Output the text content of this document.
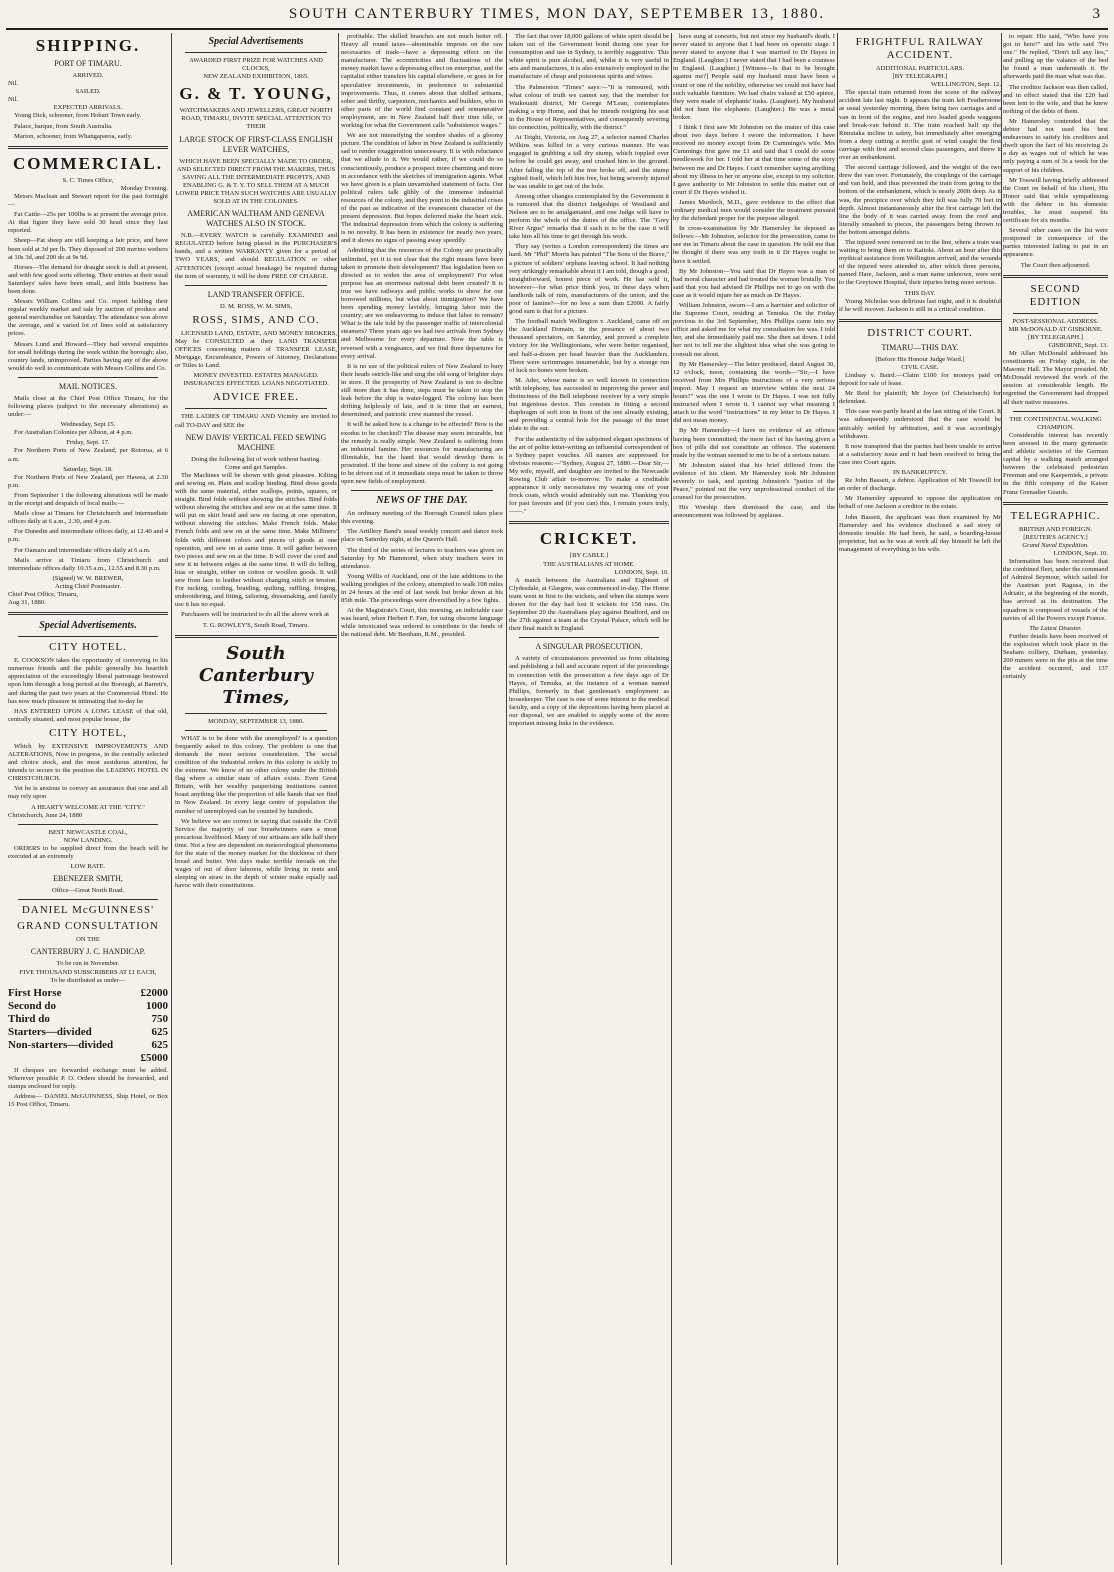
SOUTH CANTERBURY TIMES, MON DAY, SEPTEMBER 13, 1880.	3
SHIPPING.
PORT OF TIMARU.
ARRIVED.
Nil.
SAILED.
Nil.
EXPECTED ARRIVALS.

Young Dick, schooner, from Hobart Town early.

Palace, barque, from South Australia.

Marion, schooner, from Whangaparoa, early.

COMMERCIAL.
S. C. Times Office,
Monday Evening.

Messrs Maclean and Stewart report for the past fortnight—

Fat Cattle—25s per 100lbs is at present the average price. At that figure they have sold 30 head since they last reported.

Sheep—Fat sheep are still keeping a fair price, and have been sold at 3d per lb. They disposed of 200 merino wethers at 10s 3d, and 200 do at 9s 9d.

Horses—The demand for draught stock is dull at present, and with few good sorts offering. Their entries at their usual Saturdays' sales have been small, and little business has been done.

Messrs William Collins and Co. report holding their regular weekly market and sale by auction of produce and general merchandise on Saturday. The attendance was above the average, and a varied lot of lines sold at satisfactory prices.

Messrs Lund and Howard—They had several enquiries for small holdings during the week within the borough; also, country lands, unimproved. Parties having any of the above would do well to communicate with Messrs Collins and Co.

MAIL NOTICES.

Mails close at the Chief Post Office Timaru, for the following places (subject to the necessary alterations) as under:—

Wednesday, Sept 15.

For Australian Colonies per Albion, at 4 p.m.

Friday, Sept. 17.

For Northern Ports of New Zealand, per Rotorua, at 6 a.m.

Saturday, Sept. 18.

For Northern Ports of New Zealand, per Hawea, at 2.30 p.m.

From September 1 the following alterations will be made in the receipt and despatch of local mails:—

Mails close at Timaru for Christchurch and intermediate offices daily at 6 a.m., 2.30, and 4 p.m.

For Dunedin and intermediate offices daily, at 12.40 and 4 p.m.

For Oamaru and intermediate offices daily at 6 a.m.

Mails arrive at Timaru from Christchurch and intermediate offices daily 10.35 a.m., 12.55 and 8.30 p.m.

(Signed) W. W. BREWER,
Acting Chief Postmaster.
Chief Post Office, Timaru,
Aug 31, 1880.
Special Advertisements.
CITY HOTEL.

E. COOKSON takes the opportunity of conveying to his numerous friends and the public generally his heartfelt appreciation of the exceedingly liberal patronage bestowed upon him through a long period at the Borough, at Barrett's, and during the past two years at the Commercial Hotel. He has now much pleasure in intimating that to-day he

HAS ENTERED UPON A LONG LEASE of that old, centrally situated, and most popular house, the

CITY HOTEL,

Which by EXTENSIVE IMPROVEMENTS AND ALTERATIONS, Now in progress, in the centrally selected and choice stock, and the most assiduous attention, he intends to secure to the position the LEADING HOTEL IN CHRISTCHURCH.

Yet he is anxious to convey an assurance that one and all may rely upon

A HEARTY WELCOME AT THE "CITY."
Christchurch, June 24, 1880
BEST NEWCASTLE COAL,
NOW LANDING.

ORDERS to be supplied direct from the beach will be executed at an extremely

LOW RATE.
EBENEZER SMITH,
Office—Great North Road.
DANIEL McGUINNESS'
GRAND CONSULTATION
ON THE
CANTERBURY J. C. HANDICAP.
To be run in November.
FIVE THOUSAND SUBSCRIBERS AT £1 EACH,
To be distributed as under—
First Horse	£2000
Second do	1000
Third do	750
Starters—divided	625
Non-starters—divided	625
£5000

If cheques are forwarded exchange must be added. Wherever possible P. O. Orders should be forwarded, and stamps enclosed for reply.

Address— DANIEL McGUINNESS, Ship Hotel, or Box 15 Post Office, Timaru.

Special Advertisements
AWARDED FIRST PRIZE FOR WATCHES AND CLOCKS,
NEW ZEALAND EXHIBITION, 1865.
G. & T. YOUNG,
WATCHMAKERS AND JEWELLERS, GREAT NORTH ROAD, TIMARU, INVITE SPECIAL ATTENTION TO THEIR
LARGE STOCK OF FIRST-CLASS ENGLISH LEVER WATCHES,
WHICH HAVE BEEN SPECIALLY MADE TO ORDER, AND SELECTED DIRECT FROM THE MAKERS, THUS SAVING ALL THE INTERMEDIATE PROFITS, AND ENABLING G. & T. Y. TO SELL THEM AT A MUCH LOWER PRICE THAN SUCH WATCHES ARE USUALLY SOLD AT IN THE COLONIES.
AMERICAN WALTHAM AND GENEVA WATCHES ALSO IN STOCK.

N.B.—EVERY WATCH is carefully EXAMINED and REGULATED before being placed in the PURCHASER'S hands, and a written WARRANTY given for a period of TWO YEARS, and should REGULATION or other ATTENTION (except actual breakage) be required during the term of warranty, it will be done FREE OF CHARGE.

LAND TRANSFER OFFICE.
D. M. ROSS, W. M. SIMS,
ROSS, SIMS, AND CO.

LICENSED LAND, ESTATE, AND MONEY BROKERS, May be CONSULTED at their LAND TRANSFER OFFICES concerning matters of TRANSFER LEASE, Mortgage, Encumbrance, Powers of Attorney, Declarations or Titles to Land.

MONEY INVESTED. ESTATES MANAGED. INSURANCES EFFECTED. LOANS NEGOTIATED.
ADVICE FREE.

THE LADIES OF TIMARU AND Vicinity are invited to call TO-DAY and SEE the

NEW DAVIS' VERTICAL FEED SEWING MACHINE
Doing the following list of work without basting.
Come and get Samples.

The Machines will be shown with great pleasure. Kilting and sewing on. Plain and scallop binding. Bind dress goods with the same material, either scallops, points, squares, or straight. Bind folds without showing the stitches. Bind folds without showing the stitches and sew on at the same time. It will put on skirt braid and sew on facing at one operation, without showing the stitches. Make French folds. Make French folds and sew on at the same time. Make Milliners' folds with different colors and pieces of goods at one operation, and sew on at same time. It will gather between two pieces and sew on at the time. It will cover the cord and sew it in between edges at the same time. It will do felling, bias or straight, either on cotton or woollen goods. It will sew from lace to leather without changing stitch or tension. For tucking, cording, braiding, quilting, ruffling, fringing, embroidering, and fitting, tailoring, dressmaking, and family use it has no equal.

Purchasers will be instructed to do all the above work at

T. G. ROWLEY'S, South Road, Timaru.
South Canterbury Times,
MONDAY, SEPTEMBER 13, 1880.

WHAT is to be done with the unemployed? is a question frequently asked in this colony. The problem is one that demands the most serious consideration. The social condition of the industrial orders in this colony is sickly in the extreme. We know of no other colony under the British flag where a similar state of affairs exists. Even Great Britain, with her wealthy pauperising institutions cannot boast anything like the proportion of idle hands that we find in New Zealand. In every large centre of population the number of unemployed can be counted by hundreds.

We believe we are correct in saying that outside the Civil Service the majority of our breadwinners earn a most precarious livelihood. Many of our artisans are idle half their time. Not a few are dependent on meteorological phenomena for the state of the money market for the thickness of their bread and butter. Wet days make terrible inroads on the wages of out of door laborers, while living in tents and sleeping on straw in the depth of winter make equally sad havoc with their constitutions.

profitable. The skilled branches are not much better off. Heavy all round taxes—abominable imposts on the raw necessaries of trade—have a depressing effect on the manufacturer. The eccentricities and fluctuations of the money market have a depressing effect on enterprise, and the capitalist either transfers his capital elsewhere, or goes in for speculative investments, in preference to substantial improvements. Thus, it comes about that skilled artisans, sober and thrifty, carpenters, mechanics and builders, who in other parts of the world find constant and remunerative employment, are in New Zealand half their time idle, or working for what the Government calls "subsistence wages."

We are not intensifying the sombre shades of a gloomy picture. The condition of labor in New Zealand is sufficiently sad to render exaggeration unnecessary. It is with reluctance that we allude to it. We would rather, if we could do so conscientiously, produce a prospect more charming and more in accordance with the sketches of immigration agents. What we have given is a plain unvarnished statement of facts. Our political rulers talk glibly of the immense industrial resources of the colony, and they point to the industrial crises of the past as indicative of the evanescent character of the present depression. But bopes deferred make the heart sick. The industrial depression from which the colony is suffering is no novelty. It has been in existence for nearly two years, and it shows no signs of passing away speedily.

Admitting that the resources of the Colony are practically unlimited, yet it is not clear that the right means have been taken to promote their development? Has legislation been so directed as to widen the area of employment? For what purpose has an enormous national debt been created? It is true we have railways and public works to show for our borrowed millions, but what about immigration? We have been spending money lavishly, bringing labor into the country; are we endeavoring to induce that labor to remain? What is the tale told by the passenger traffic of intercolonial steamers? Three years ago we had two arrivals from Sydney and Melbourne for every departure. Now the table is reversed with a vengeance, and we find three departures for every arrival.

It is no use of the political rulers of New Zealand to bury their heads ostrich-like and sing the old song of brighter days in store. If the prosperity of New Zealand is not to decline still more than it has done, steps must be taken to stop the leak before the ship is water-logged. The colony has been drifting helplessly of late, and it is time that an earnest, determined, and patriotic crew manned the vessel.

It will be asked how is a change to be effected? How is the exodus to be checked? The disease may seem incurable, but the remedy is really simple. New Zealand is suffering from an industrial famine. Her resources for manufacturing are illimitable, but the hand that would develop them is prostrated. If the bone and sinew of the colony is not going to be driven out of it immediate steps must be taken to throw open new fields of employment.

NEWS OF THE DAY.

An ordinary meeting of the Borough Council takes place this evening.

The Artillery Band's usual weekly concert and dance took place on Saturday night, at the Queen's Hall.

The third of the series of lectures to teachers was given on Saturday by Mr Hammond, when sixty teachers were in attendance.

Young Willis of Auckland, one of the late additions to the walking prodigies of the colony, attempted to walk 108 miles in 24 hours at the end of last week but broke down at his 85th mile. The proceedings were diversified by a few fights.

At the Magistrate's Court, this morning, an indictable case was heard, when Herbert F. Farr, for using obscene language while intoxicated was ordered to contribute to the funds of the national debt. Mr Beetham, R.M., presided.

The fact that over 18,000 gallons of white spirit should be taken out of the Government bond during one year for consumption and use in Sydney, is terribly suggestive. This white spirit is pure alcohol, and, whilst it is very useful in arts and manufactures, it is also extensively employed in the manufacture of cheap and poisonous spirits and wines.

The Palmerston "Times" says:—"It is rumoured, with what colour of truth we cannot say, that the member for Waikouaiti district, Mr George M'Lean, contemplates making a trip Home, and that he intends resigning his seat in the House of Representatives, and consequently severing his connection, politically, with the district."

At Teight, Victoria, on Aug 27, a selector named Charles Wilkins was killed in a very curious manner. He was engaged in grubbing a tall dry stump, which toppled over before he could get away, and crushed him to the ground. After falling the top of the tree broke off, and the stump righted itself, which left him free, but being severely injured he was unable to get out of the hole.

Among other changes contemplated by the Government it is rumored that the district Judgeships of Westland and Nelson are to be amalgamated, and one Judge will have to perform the whole of the duties of the office. The "Grey River Argus" remarks that if such is to be the case it will take him all his time to get through his work.

They say (writes a London correspondent) the times are hard. Mr "Phil" Morris has painted "The Sons of the Brave," a picture of soldiers' orphans leaving school. It had nothing very strikingly remarkable about it I am told, though a good, straightforward, honest piece of work. He has sold it, however—for what price think you, in these days when landlords talk of ruin, manufacturers of the union, and the poor of famine?—for no less a sum than £2000. A fairly good sum is that for a picture.

The football match Wellington v. Auckland, came off on the Auckland Domain, in the presence of about two thousand spectators, on Saturday, and proved a complete victory for the Wellingtonians, who were better organised, and half-a-dozen per head heavier than the Aucklanders. There were scrimmages innumerable, but by a strange run of luck no bones were broken.

M. Ader, whose name is so well known in connection with telephony, has succeeded in improving the power and distinctness of the Bell telephone receiver by a very simple but ingenious device. This consists in fitting a second diaphragm of soft iron in front of the one already existing, and providing a central hole for the passage of the inner plate to the ear.

For the authenticity of the subjoined elegant specimens of the art of polite letter-writing an influential correspondent of a Sydney paper vouches. All names are suppressed for obvious reasons:—"Sydney, August 27, 1880.—Dear Sir,—My wife, myself, and daughter are invited to the Newcastle Rowing Club affair to-morrow. To make a creditable appearance it only necessitates my wearing one of your frock coats, which would admirably suit me. Thanking you for past favours and (if you can) this, I remain yours truly,——."

CRICKET.
[BY CABLE.]
THE AUSTRALIANS AT HOME.
LONDON, Sept. 10.

A match between the Australians and Eighteen of Clydesdale, at Glasgow, was commenced to-day. The Home team went in first to the wickets, and when the stumps were drawn for the day had lost 8 wickets for 158 runs. On September 20 the Australians play against Bradford, and on the 27th against a team at the Crystal Palace, which will be their final match in England.

A SINGULAR PROSECUTION.

A variety of circumstances prevented us from obtaining and publishing a full and accurate report of the proceedings in connection with the prosecution a few days ago of Dr Hayes, of Temuka, at the instance of a woman named Phillips, formerly in that gentleman's employment as housekeeper. The case is one of some interest to the medical faculty, and a copy of the depositions having been placed at our disposal, we are enabled to supply some of the more important missing links in the evidence.

have sung at concerts, but not since my husband's death. I never stated to anyone that I had been on operatic stage. I never stated to anyone that I was married to Dr Hayes in England. (Laughter.) I never stated that I had been a countess in England. (Laughter.) [Witness—Is that to be brought against me?] People said my husband must have been a count or one of the nobility, otherwise we could not have had such valuable furniture. We had chairs valued at £50 apiece, they were made of elephants' tusks. (Laughter). My husband did not hunt the elephants. (Laughter.) He was a metal broker.

I think I first saw Mr Johnston on the matter of this case about two days before I swore the information. I have received no money except from Dr Cummings's wife. Mrs Cummings first gave me £1 and said that I could do some needlework for her. I told her at that time some of the story between me and Dr Hayes. I can't remember saying anything about my illness to her or anyone else, except to my solicitor. I gave authority to Mr Johnston to settle this matter out of court if Dr Hayes wished it.

James Murdoch, M.D., gave evidence to the effect that ordinary medical men would consider the treatment pursued by the defendant proper for the purpose alleged.

In cross-examination by Mr Hamersley he deposed as follows:—Mr Johnston, solicitor for the prosecution, came to see me in Timaru about the case in question. He told me that he thought if there was any truth in it Dr Hayes ought to have it settled.

By Mr Johnston—You said that Dr Hayes was a man of bad moral character and had treated the woman brutally. You said that you had advised Dr Phillips not to go on with the case as it would injure her as much as Dr Hayes.

William Johnston, sworn—I am a barrister and solicitor of the Supreme Court, residing at Temuka. On the Friday previous to the 3rd September, Mrs Phillips came into my office and asked me for what my consultation fee was. I told her, and she immediately paid me. She then sat down. I told her not to tell me the slightest idea what she was going to consult me about.

By Mr Hamersley—The letter produced, dated August 30, 12 o'clock, noon, containing the words—"Sir,—I have received from Mrs Phillips instructions of a very serious import. May I request an interview within the next 24 hours?" was the one I wrote to Dr Hayes. I was not fully instructed when I wrote it. I cannot say what meaning I attach to the word "instructions" in my letter to Dr Hayes. I did not mean money.

By Mr Hamersley—I have no evidence of an offence having been committed; the mere fact of his having given a box of pills did not constitute an offence. The statement made by the woman seemed to me to be of a serious nature.

Mr Johnston stated that his brief differed from the evidence of his client. Mr Hamersley took Mr Johnston severely to task, and quoting Johnston's "justice of the Peace," pointed out the very unprofessional conduct of the counsel for the prosecution.

His Worship then dismissed the case, and the announcement was followed by applause.

FRIGHTFUL RAILWAY ACCIDENT.
ADDITIONAL PARTICULARS.
[BY TELEGRAPH.]
WELLINGTON, Sept. 12.

The special train returned from the scene of the railway accident late last night. It appears the train left Featherstone as usual yesterday morning, there being two carriages and a van in front of the engine, and two loaded goods waggons and break-van behind it. The train reached half up the Rimutaka incline in safety, but immediately after emerging from a deep cutting a terrific gust of wind caught the first carriage with first and second class passengers, and threw it over an embankment.

The second carriage followed, and the weight of the two drew the van over. Fortunately, the couplings of the carriage and van held, and thus prevented the train from going to the bottom of the embankment, which is nearly 200ft deep. As it was, the precipice over which they fell was fully 70 feet in depth. Almost instantaneously after the first carriage left the line the body of it was carried away from the roof and literally smashed to pieces, the passengers being thrown to the bottom amongst debris.

The injured were removed on to the line, where a train was waiting to bring them on to Kaitoki. About an hour after this mythical assistance from Wellington arrived, and the wounds of the injured were attended to, after which three persons, named Hare, Jackson, and a man name unknown, were sent to the Greytown Hospital, their injuries being more serious.

THIS DAY.

Young Nicholas was delirious last night, and it is doubtful if he will recover. Jackson is still in a critical condition.

DISTRICT COURT.
TIMARU—THIS DAY.
[Before His Honour Judge Ward.]
CIVIL CASE.

Lindsay v. Baird.—Claim £100 for moneys paid on deposit for sale of lease.

Mr Reid for plaintiff; Mr Joyce (of Christchurch) for defendant.

This case was partly heard at the last sitting of the Court. It was subsequently understood that the case would be amicably settled by arbitration, and it was accordingly withdrawn.

It now transpired that the parties had been unable to arrive at a satisfactory issue and it had been resolved to bring the case into Court again.

IN BANKRUPTCY.

Re John Bassett, a debtor. Application of Mr Tosswill for an order of discharge.

Mr Hamersley appeared to oppose the application on behalf of one Jackson a creditor in the estate.

John Bassett, the applicant was then examined by Mr Hamersley and his evidence disclosed a sad story of domestic trouble. He had been, he said, a boarding-house proprietor, but as he was at work all day himself he left the management of everything to his wife.

to repair. His said, "Who have you got in here?" and his wife said "No one." He replied, "Don't tell any lies," and pulling up the valance of the bed he found a man underneath it. He afterwards paid the man what was due.

The creditor Jackson was then called, and in effect stated that the £20 had been lent to the wife, and that he knew nothing of the debts of them.

Mr Hamersley contended that the debtor had not used his best endeavours to satisfy his creditors and dwelt upon the fact of his receiving 2s a day as wages out of which he was only paying a sum of 3s a week for the support of his children.

Mr Tosswill having briefly addressed the Court on behalf of his client, His Honor said that while sympathising with the debtor in his domestic troubles, he must suspend his certificate for six months.

Several other cases on the list were postponed in consequence of the parties interested failing to put in an appearance.

The Court then adjourned.
SECOND EDITION
POST-SESSIONAL ADDRESS.
MR McDONALD AT GISBORNE.
[BY TELEGRAPH.]
GISBORNE, Sept. 13.

Mr Allan McDonald addressed his constituents on Friday night, in the Masonic Hall. The Mayor presided. Mr McDonald reviewed the work of the session at considerable length. He regretted the Government had dropped all their native measures.

THE CONTINENTAL WALKING CHAMPION.

Considerable interest has recently been aroused in the many gymnastic and athletic societies of the German capital by a walking match arranged between the celebrated pedestrian Freeman and one Kaeperniek, a private in the fifth company of the Kaiser Franz Grenadier Guards.

TELEGRAPHIC.
BRITISH AND FOREIGN.
[REUTER'S AGENCY.]
Grand Naval Expedition.
LONDON, Sept. 10.

Information has been received that the combined fleet, under the command of Admiral Seymour, which sailed for the Austrian port Ragusa, in the Adriatic, at the beginning of the month, has arrived at its destination. The squadron is composed of vessels of the navies of all the Powers except France.

The Latest Disaster.

Further details have been received of the explosion which took place in the Seaham colliery, Durham, yesterday. 200 miners were in the pits at the time the accident occurred, and 137 certainly
